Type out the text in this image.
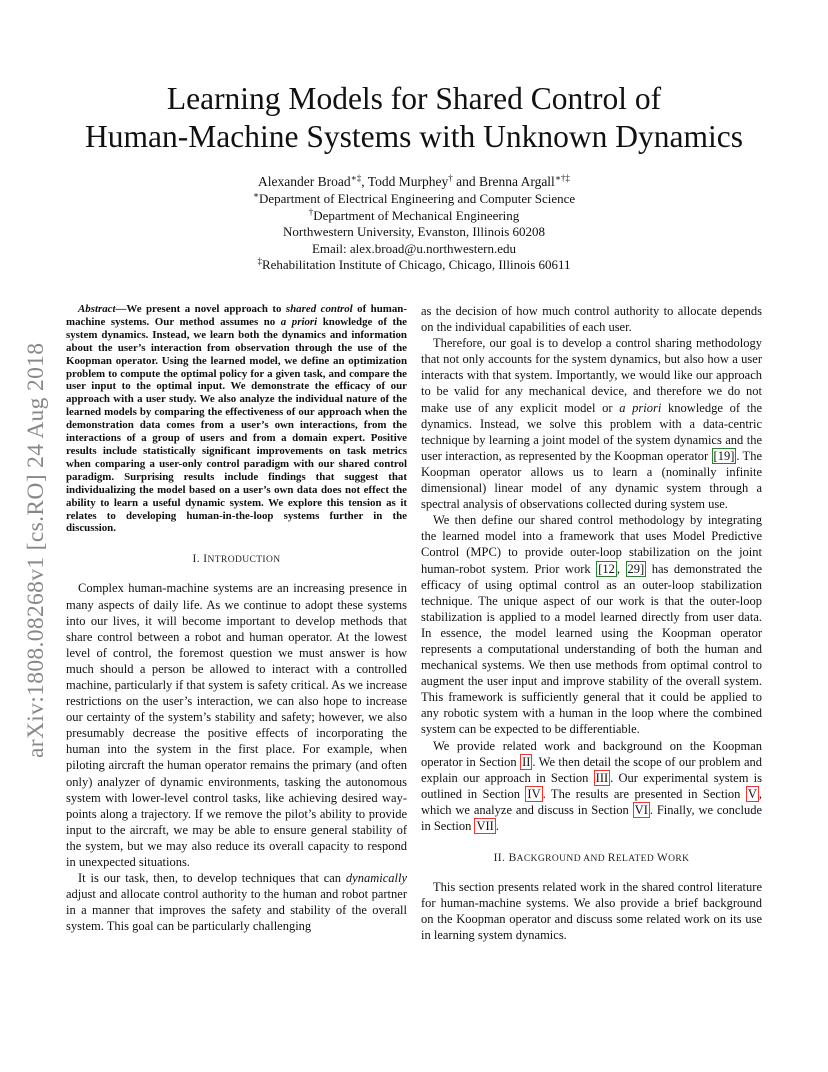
Learning Models for Shared Control of
Human-Machine Systems with Unknown Dynamics
Alexander Broad∗‡, Todd Murphey† and Brenna Argall∗†‡
∗Department of Electrical Engineering and Computer Science
†Department of Mechanical Engineering
Northwestern University, Evanston, Illinois 60208
Email: alex.broad@u.northwestern.edu
‡Rehabilitation Institute of Chicago, Chicago, Illinois 60611
arXiv:1808.08268v1 [cs.RO] 24 Aug 2018

Abstract—We present a novel approach to shared control of human-machine systems. Our method assumes no a priori knowledge of the system dynamics. Instead, we learn both the dynamics and information about the user’s interaction from observation through the use of the Koopman operator. Using the learned model, we define an optimization problem to compute the optimal policy for a given task, and compare the user input to the optimal input. We demonstrate the efficacy of our approach with a user study. We also analyze the individual nature of the learned models by comparing the effectiveness of our approach when the demonstration data comes from a user’s own interactions, from the interactions of a group of users and from a domain expert. Positive results include statistically significant improvements on task metrics when comparing a user-only control paradigm with our shared control paradigm. Surprising results include findings that suggest that individualizing the model based on a user’s own data does not effect the ability to learn a useful dynamic system. We explore this tension as it relates to developing human-in-the-loop systems further in the discussion.

I. INTRODUCTION

Complex human-machine systems are an increasing presence in many aspects of daily life. As we continue to adopt these systems into our lives, it will become important to develop methods that share control between a robot and human operator. At the lowest level of control, the foremost question we must answer is how much should a person be allowed to interact with a controlled machine, particularly if that system is safety critical. As we increase restrictions on the user’s interaction, we can also hope to increase our certainty of the system’s stability and safety; however, we also presumably decrease the positive effects of incorporating the human into the system in the first place. For example, when piloting aircraft the human operator remains the primary (and often only) analyzer of dynamic environments, tasking the autonomous system with lower-level control tasks, like achieving desired way-points along a trajectory. If we remove the pilot’s ability to provide input to the aircraft, we may be able to ensure general stability of the system, but we may also reduce its overall capacity to respond in unexpected situations.

It is our task, then, to develop techniques that can dynamically adjust and allocate control authority to the human and robot partner in a manner that improves the safety and stability of the overall system. This goal can be particularly challenging

as the decision of how much control authority to allocate depends on the individual capabilities of each user.

Therefore, our goal is to develop a control sharing methodology that not only accounts for the system dynamics, but also how a user interacts with that system. Importantly, we would like our approach to be valid for any mechanical device, and therefore we do not make use of any explicit model or a priori knowledge of the dynamics. Instead, we solve this problem with a data-centric technique by learning a joint model of the system dynamics and the user interaction, as represented by the Koopman operator [19] . The Koopman operator allows us to learn a (nominally infinite dimensional) linear model of any dynamic system through a spectral analysis of observations collected during system use.

We then define our shared control methodology by integrating the learned model into a framework that uses Model Predictive Control (MPC) to provide outer-loop stabilization on the joint human-robot system. Prior work [12 , 29] has demonstrated the efficacy of using optimal control as an outer-loop stabilization technique. The unique aspect of our work is that the outer-loop stabilization is applied to a model learned directly from user data. In essence, the model learned using the Koopman operator represents a computational understanding of both the human and mechanical systems. We then use methods from optimal control to augment the user input and improve stability of the overall system. This framework is sufficiently general that it could be applied to any robotic system with a human in the loop where the combined system can be expected to be differentiable.

We provide related work and background on the Koopman operator in Section II . We then detail the scope of our problem and explain our approach in Section III . Our experimental system is outlined in Section IV . The results are presented in Section V , which we analyze and discuss in Section VI . Finally, we conclude in Section VII .

II. BACKGROUND AND RELATED WORK

This section presents related work in the shared control literature for human-machine systems. We also provide a brief background on the Koopman operator and discuss some related work on its use in learning system dynamics.
